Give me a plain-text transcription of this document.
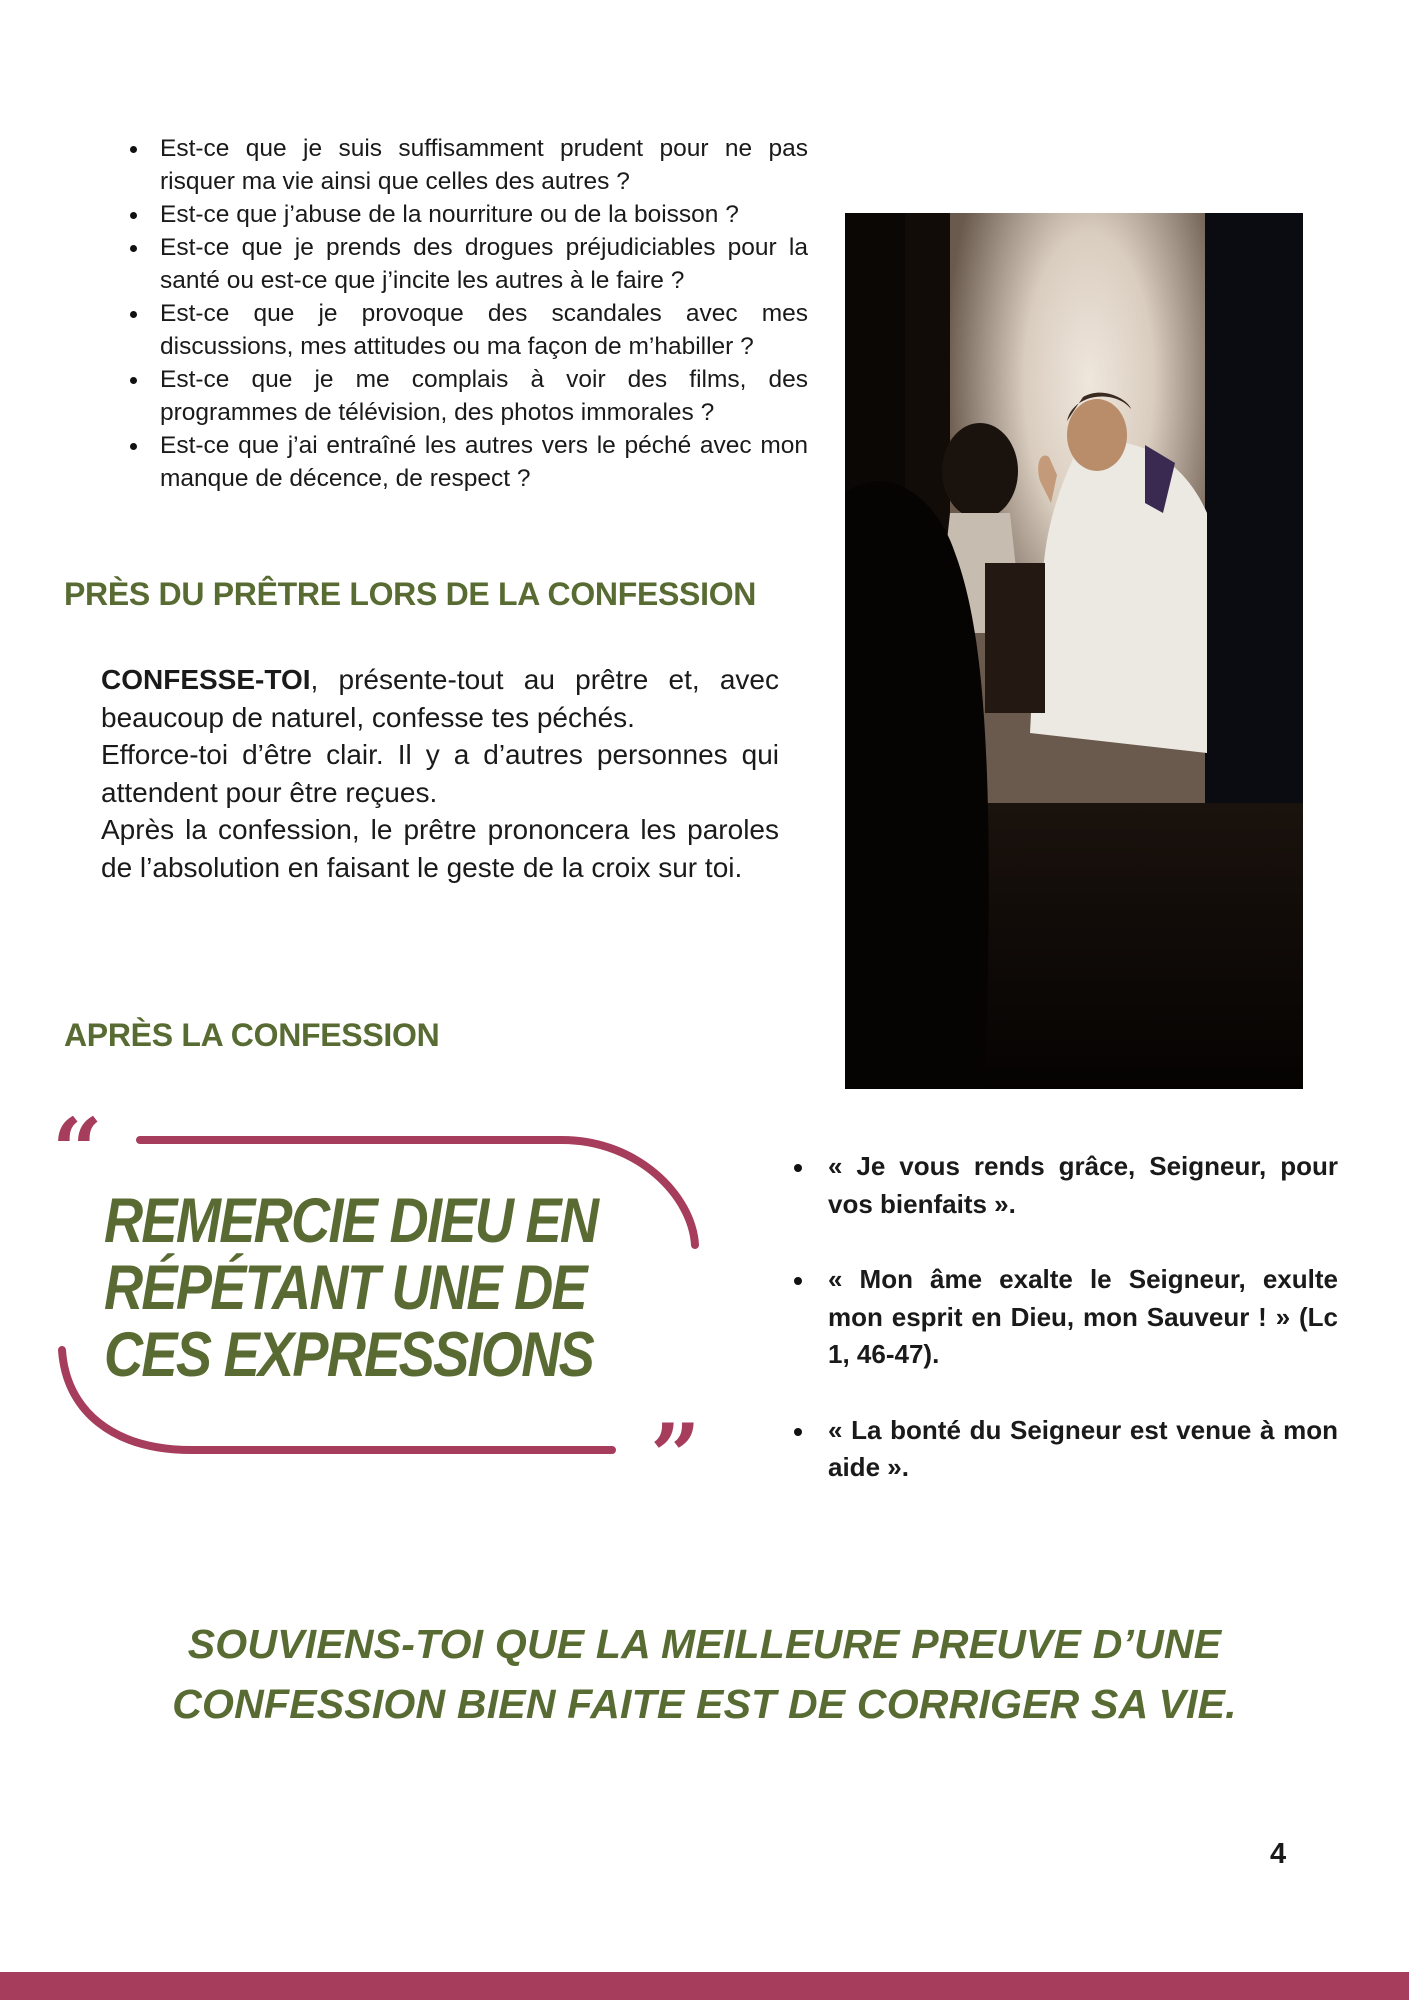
Est-ce que je suis suffisamment prudent pour ne pas risquer ma vie ainsi que celles des autres ?
Est-ce que j’abuse de la nourriture ou de la boisson ?
Est-ce que je prends des drogues préjudiciables pour la santé ou est-ce que j’incite les autres à le faire ?
Est-ce que je provoque des scandales avec mes discussions, mes attitudes ou ma façon de m’habiller ?
Est-ce que je me complais à voir des films, des programmes de télévision, des photos immorales ?
Est-ce que j’ai entraîné les autres vers le péché avec mon manque de décence, de respect ?
PRÈS DU PRÊTRE LORS DE LA CONFESSION

CONFESSE-TOI, présente-tout au prêtre et, avec beaucoup de naturel, confesse tes péchés.

Efforce-toi d’être clair. Il y a d’autres personnes qui attendent pour être reçues.

Après la confession, le prêtre prononcera les paroles de l’absolution en faisant le geste de la croix sur toi.

APRÈS LA CONFESSION
“
”

REMERCIE DIEU EN RÉPÉTANT UNE DE CES EXPRESSIONS

« Je vous rends grâce, Seigneur, pour vos bienfaits ».
« Mon âme exalte le Seigneur, exulte mon esprit en Dieu, mon Sauveur ! » (Lc 1, 46-47).
« La bonté du Seigneur est venue à mon aide ».

SOUVIENS-TOI QUE LA MEILLEURE PREUVE D’UNE CONFESSION BIEN FAITE EST DE CORRIGER SA VIE.

4
